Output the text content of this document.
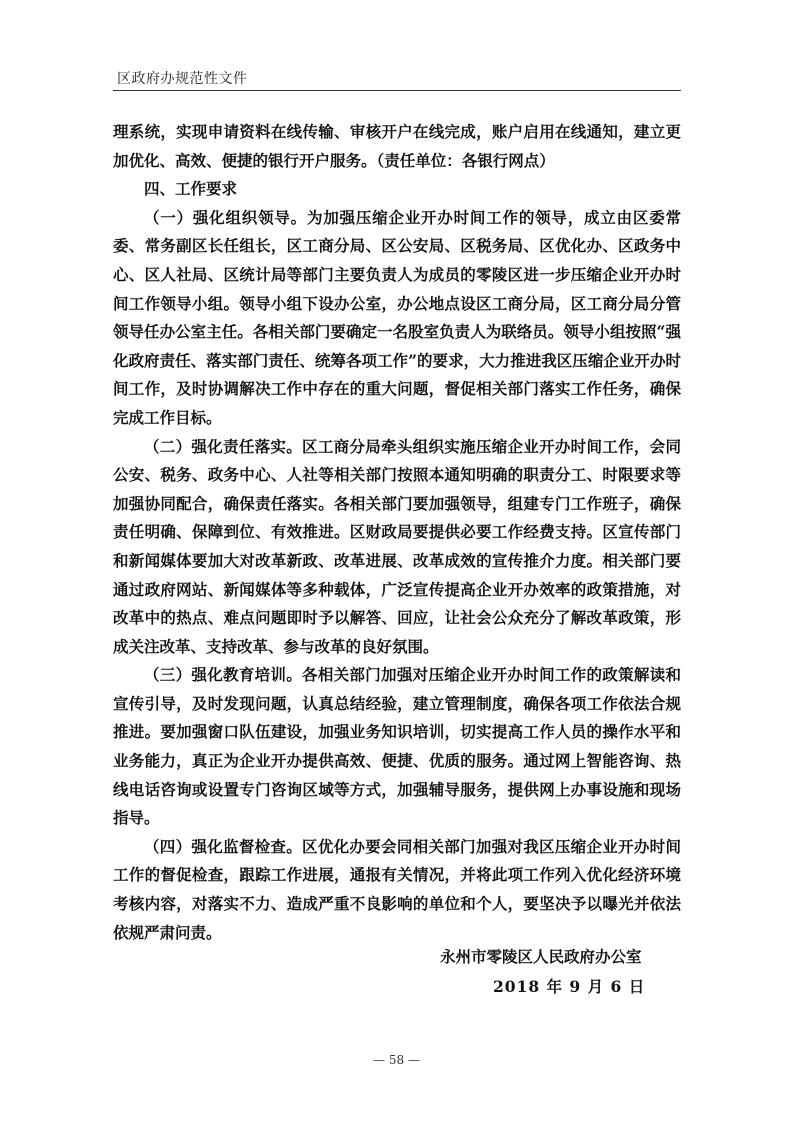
区政府办规范性文件

理系统，实现申请资料在线传输、审核开户在线完成，账户启用在线通知，建立更加优化、高效、便捷的银行开户服务。（责任单位：各银行网点）

四、工作要求

（一）强化组织领导。为加强压缩企业开办时间工作的领导，成立由区委常委、常务副区长任组长，区工商分局、区公安局、区税务局、区优化办、区政务中心、区人社局、区统计局等部门主要负责人为成员的零陵区进一步压缩企业开办时间工作领导小组。领导小组下设办公室，办公地点设区工商分局，区工商分局分管领导任办公室主任。各相关部门要确定一名股室负责人为联络员。领导小组按照“强化政府责任、落实部门责任、统筹各项工作”的要求，大力推进我区压缩企业开办时间工作，及时协调解决工作中存在的重大问题，督促相关部门落实工作任务，确保完成工作目标。

（二）强化责任落实。区工商分局牵头组织实施压缩企业开办时间工作，会同公安、税务、政务中心、人社等相关部门按照本通知明确的职责分工、时限要求等加强协同配合，确保责任落实。各相关部门要加强领导，组建专门工作班子，确保责任明确、保障到位、有效推进。区财政局要提供必要工作经费支持。区宣传部门和新闻媒体要加大对改革新政、改革进展、改革成效的宣传推介力度。相关部门要通过政府网站、新闻媒体等多种载体，广泛宣传提高企业开办效率的政策措施，对改革中的热点、难点问题即时予以解答、回应，让社会公众充分了解改革政策，形成关注改革、支持改革、参与改革的良好氛围。

（三）强化教育培训。各相关部门加强对压缩企业开办时间工作的政策解读和宣传引导，及时发现问题，认真总结经验，建立管理制度，确保各项工作依法合规推进。要加强窗口队伍建设，加强业务知识培训，切实提高工作人员的操作水平和业务能力，真正为企业开办提供高效、便捷、优质的服务。通过网上智能咨询、热线电话咨询或设置专门咨询区域等方式，加强辅导服务，提供网上办事设施和现场指导。

（四）强化监督检查。区优化办要会同相关部门加强对我区压缩企业开办时间工作的督促检查，跟踪工作进展，通报有关情况，并将此项工作列入优化经济环境考核内容，对落实不力、造成严重不良影响的单位和个人，要坚决予以曝光并依法依规严肃问责。

永州市零陵区人民政府办公室
2018 年 9 月 6 日
— 58 —
